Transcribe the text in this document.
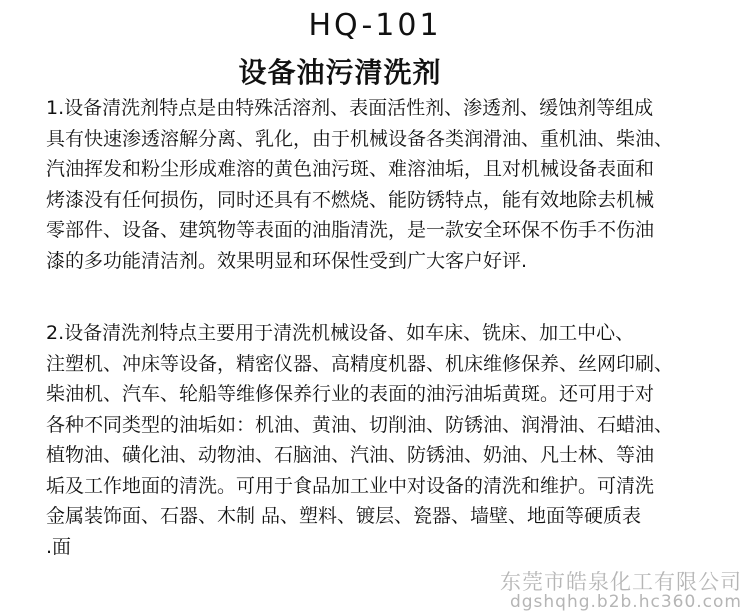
HQ-101
设备油污清洗剂
1.设备清洗剂特点是由特殊活溶剂、表面活性剂、渗透剂、缓蚀剂等组成
具有快速渗透溶解分离、乳化，由于机械设备各类润滑油、重机油、柴油、
汽油挥发和粉尘形成难溶的黄色油污斑、难溶油垢，且对机械设备表面和
烤漆没有任何损伤，同时还具有不燃烧、能防锈特点，能有效地除去机械
零部件、设备、建筑物等表面的油脂清洗，是一款安全环保不伤手不伤油
漆的多功能清洁剂。效果明显和环保性受到广大客户好评.
2.设备清洗剂特点主要用于清洗机械设备、如车床、铣床、加工中心、
注塑机、冲床等设备，精密仪器、高精度机器、机床维修保养、丝网印刷、
柴油机、汽车、轮船等维修保养行业的表面的油污油垢黄斑。还可用于对
各种不同类型的油垢如：机油、黄油、切削油、防锈油、润滑油、石蜡油、
植物油、磺化油、动物油、石脑油、汽油、防锈油、奶油、凡士林、等油
垢及工作地面的清洗。可用于食品加工业中对设备的清洗和维护。可清洗
金属装饰面、石器、木制 品、塑料、镀层、瓷器、墙壁、地面等硬质表
.面
东莞市皓泉化工有限公司
dgshqhg.b2b.hc360.com
